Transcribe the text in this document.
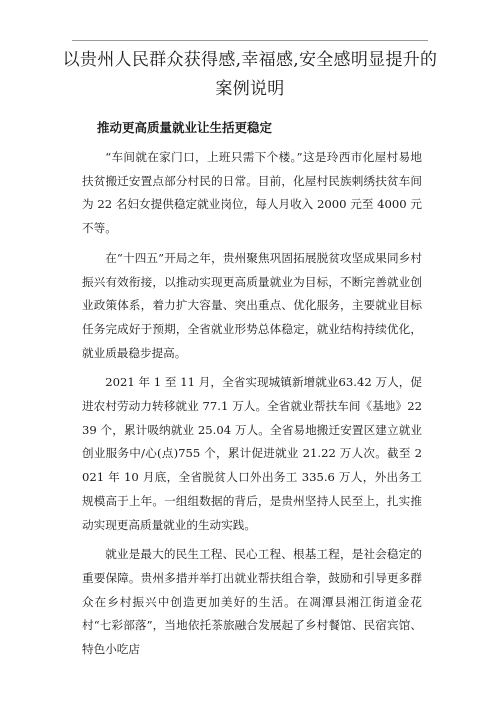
以贵州人民群众获得感,幸福感,安全感明显提升的案例说明
推动更高质量就业让生括更稳定

“车间就在家门口，上班只需下个楼。”这是玲西市化屋村易地扶贫搬迁安置点部分村民的日常。目前，化屋村民族剌绣扶贫车间为 22 名妇女提供稳定就业岗位，每人月收入 2000 元至 4000 元不等。

在“十四五”开局之年，贵州聚焦巩固拓展脱贫攻坚成果同乡村振兴有效衔接，以推动实现更高质量就业为目标，不断完善就业创业政策体系，着力扩大容量、突出重点、优化服务，主要就业目标任务完成好于预期，全省就业形势总体稳定，就业结构持续优化，就业质最稳步提高。

2021 年 1 至 11 月，全省实现城镇新增就业63.42 万人，促进农村劳动力转移就业 77.1 万人。全省就业帮扶车间《基地》2239 个，累计吸纳就业 25.04 万人。全省易地搬迁安置区建立就业创业服务中/心(点)755 个，累计促进就业 21.22 万人次。截至 2021 年 10 月底，全省脱贫人口外出务工 335.6 万人，外出务工规模高于上年。一组组数据的背后，是贵州坚持人民至上，扎实推动实现更高质量就业的生动实践。

就业是最大的民生工程、民心工程、根基工程，是社会稳定的重要保障。贵州多措并举打出就业帮扶组合拳，鼓励和引导更多群众在乡村振兴中创造更加美好的生活。在凋潭县湘江街道金花村“七彩部落”，当地依托茶旅融合发展起了乡村餐馆、民宿宾馆、特色小吃店
